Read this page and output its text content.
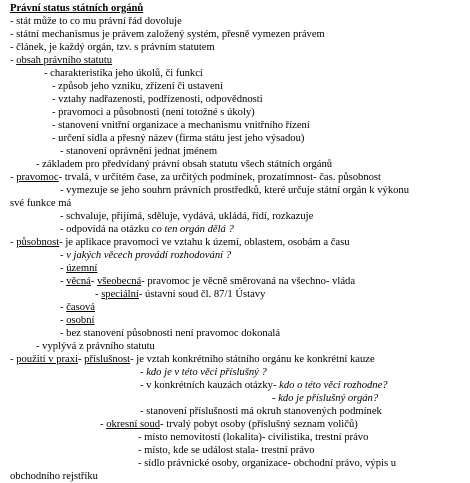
Právní status státních orgánů
- stát může to co mu právní řád dovoluje
- státní mechanismus je právem založený systém, přesně vymezen právem
- článek, je každý orgán, tzv. s právním statutem
- obsah právního statutu
- charakteristika jeho úkolů, či funkcí
- způsob jeho vzniku, zřízení či ustavení
- vztahy nadřazenosti, podřízenosti, odpovědnosti
- pravomoci a působnosti (není totožné s úkoly)
- stanovení vnitřní organizace a mechanismu vnitřního řízení
- určení sídla a přesný název (firma státu jest jeho výsadou)
- stanovení oprávnění jednat jménem
- základem pro předvídaný právní obsah statutu všech státních orgánů
- pravomoc- trvalá, v určitém čase, za určitých podmínek, prozatímnost- čas. působnost
- vymezuje se jeho souhrn právních prostředků, které určuje státní orgán k výkonu
své funkce má
- schvaluje, přijímá, sděluje, vydává, ukládá, řídí, rozkazuje
- odpovídá na otázku co ten orgán dělá ?
- působnost- je aplikace pravomoci ve vztahu k území, oblastem, osobám a času
- v jakých věcech provádí rozhodování ?
- územní
- věcná- všeobecná- pravomoc je věcně směrovaná na všechno- vláda
- speciální- ústavní soud čl. 87/1 Ústavy
- časová
- osobní
- bez stanovení působnosti není pravomoc dokonalá
- vyplývá z právního statutu
- použití v praxi- příslušnost- je vztah konkrétního státního orgánu ke konkrétní kauze
- kdo je v této věci příslušný ?
- v konkrétních kauzách otázky- kdo o této věci rozhodne?
- kdo je příslušný orgán?
- stanovení příslušnosti má okruh stanovených podmínek
- okresní soud- trvalý pobyt osoby (příslušný seznam voličů)
- místo nemovitostí (lokalita)- civilistika, trestní právo
- místo, kde se událost stala- trestní právo
- sídlo právnické osoby, organizace- obchodní právo, výpis u
obchodního rejstříku
